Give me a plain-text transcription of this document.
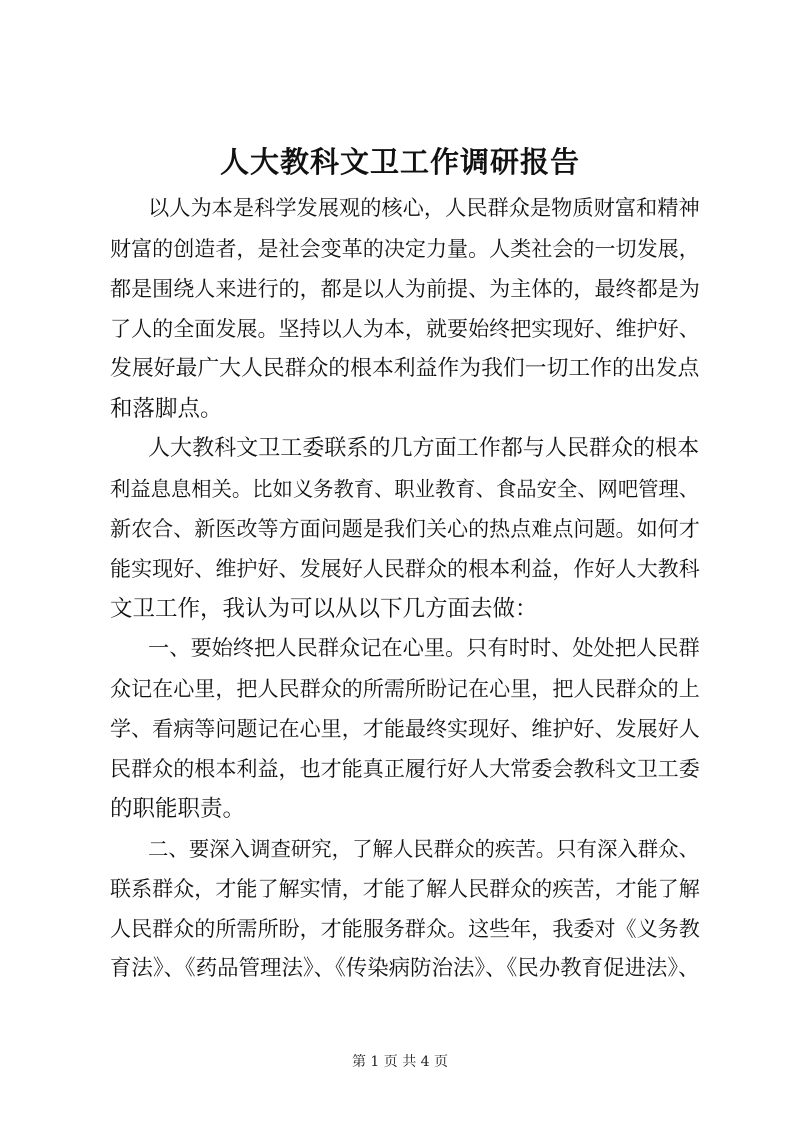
人大教科文卫工作调研报告

以人为本是科学发展观的核心，人民群众是物质财富和精神

财富的创造者，是社会变革的决定力量。人类社会的一切发展，

都是围绕人来进行的，都是以人为前提、为主体的，最终都是为

了人的全面发展。坚持以人为本，就要始终把实现好、维护好、

发展好最广大人民群众的根本利益作为我们一切工作的出发点

和落脚点。

人大教科文卫工委联系的几方面工作都与人民群众的根本

利益息息相关。比如义务教育、职业教育、食品安全、网吧管理、

新农合、新医改等方面问题是我们关心的热点难点问题。如何才

能实现好、维护好、发展好人民群众的根本利益，作好人大教科

文卫工作，我认为可以从以下几方面去做：

一、要始终把人民群众记在心里。只有时时、处处把人民群

众记在心里，把人民群众的所需所盼记在心里，把人民群众的上

学、看病等问题记在心里，才能最终实现好、维护好、发展好人

民群众的根本利益，也才能真正履行好人大常委会教科文卫工委

的职能职责。

二、要深入调查研究，了解人民群众的疾苦。只有深入群众、

联系群众，才能了解实情，才能了解人民群众的疾苦，才能了解

人民群众的所需所盼，才能服务群众。这些年，我委对《义务教

育法》、《药品管理法》、《传染病防治法》、《民办教育促进法》、

第 1 页 共 4 页
